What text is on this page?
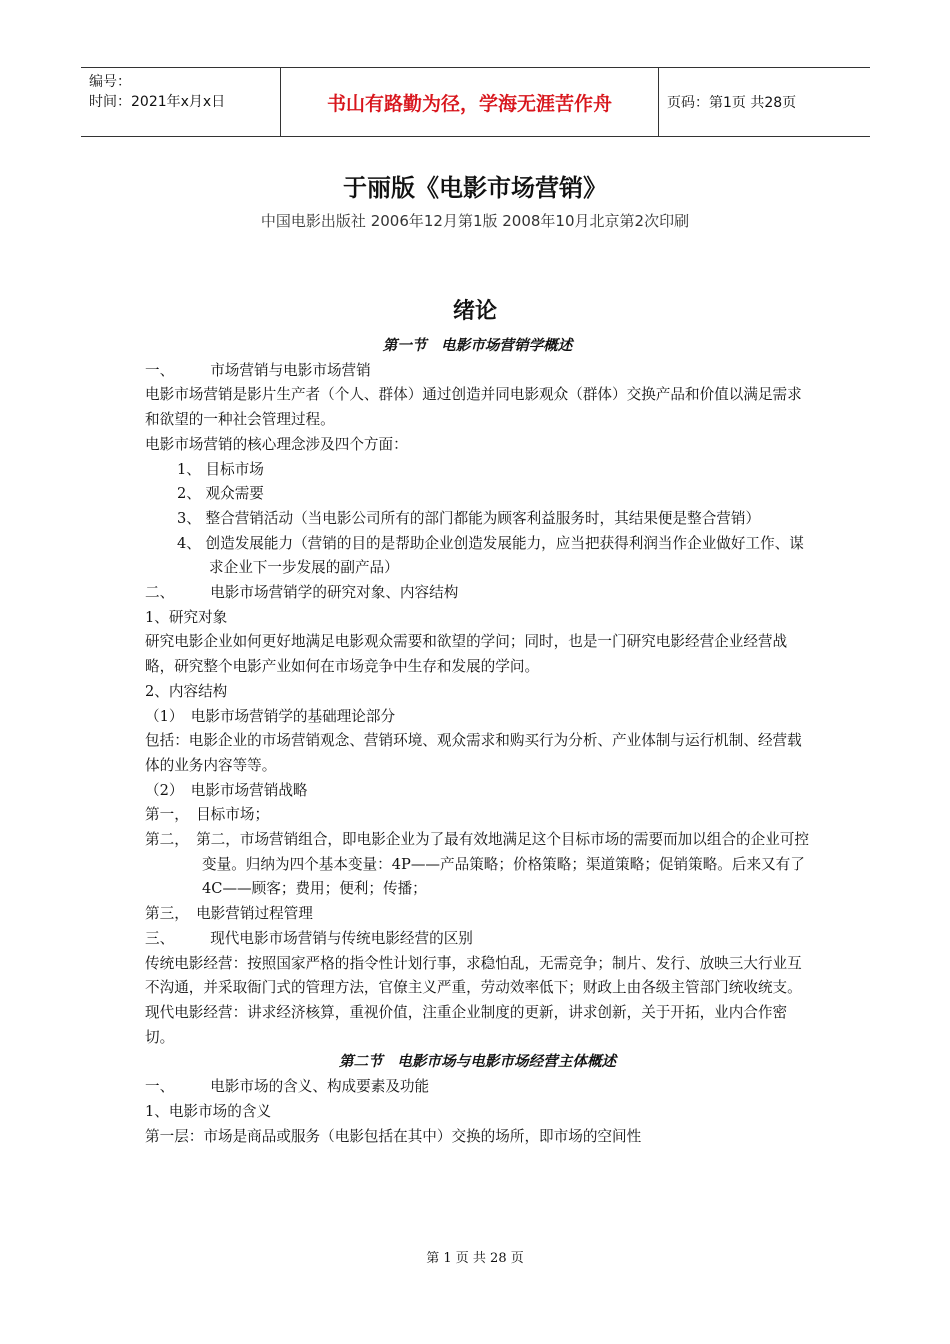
编号：
时间：2021年x月x日	书山有路勤为径，学海无涯苦作舟	页码：第1页 共28页
于丽版《电影市场营销》
中国电影出版社 2006年12月第1版 2008年10月北京第2次印刷
绪论

第一节　电影市场营销学概述

一、 市场营销与电影市场营销

电影市场营销是影片生产者（个人、群体）通过创造并同电影观众（群体）交换产品和价值以满足需求和欲望的一种社会管理过程。

电影市场营销的核心理念涉及四个方面：

1、 目标市场

2、 观众需要

3、 整合营销活动（当电影公司所有的部门都能为顾客利益服务时，其结果便是整合营销）

4、 创造发展能力（营销的目的是帮助企业创造发展能力，应当把获得利润当作企业做好工作、谋求企业下一步发展的副产品）

二、 电影市场营销学的研究对象、内容结构

1、研究对象

研究电影企业如何更好地满足电影观众需要和欲望的学问；同时，也是一门研究电影经营企业经营战略，研究整个电影产业如何在市场竞争中生存和发展的学问。

2、内容结构

（1）　电影市场营销学的基础理论部分

包括：电影企业的市场营销观念、营销环境、观众需求和购买行为分析、产业体制与运行机制、经营载体的业务内容等等。

（2）　电影市场营销战略

第一，　目标市场；

第二，　第二，市场营销组合，即电影企业为了最有效地满足这个目标市场的需要而加以组合的企业可控变量。归纳为四个基本变量：4P——产品策略；价格策略；渠道策略；促销策略。后来又有了4C——顾客；费用；便利；传播；

第三，　电影营销过程管理

三、 现代电影市场营销与传统电影经营的区别

传统电影经营：按照国家严格的指令性计划行事，求稳怕乱，无需竞争；制片、发行、放映三大行业互不沟通，并采取衙门式的管理方法，官僚主义严重，劳动效率低下；财政上由各级主管部门统收统支。

现代电影经营：讲求经济核算，重视价值，注重企业制度的更新，讲求创新，关于开拓，业内合作密切。

第二节　电影市场与电影市场经营主体概述

一、 电影市场的含义、构成要素及功能

1、电影市场的含义

第一层：市场是商品或服务（电影包括在其中）交换的场所，即市场的空间性

第 1 页 共 28 页
